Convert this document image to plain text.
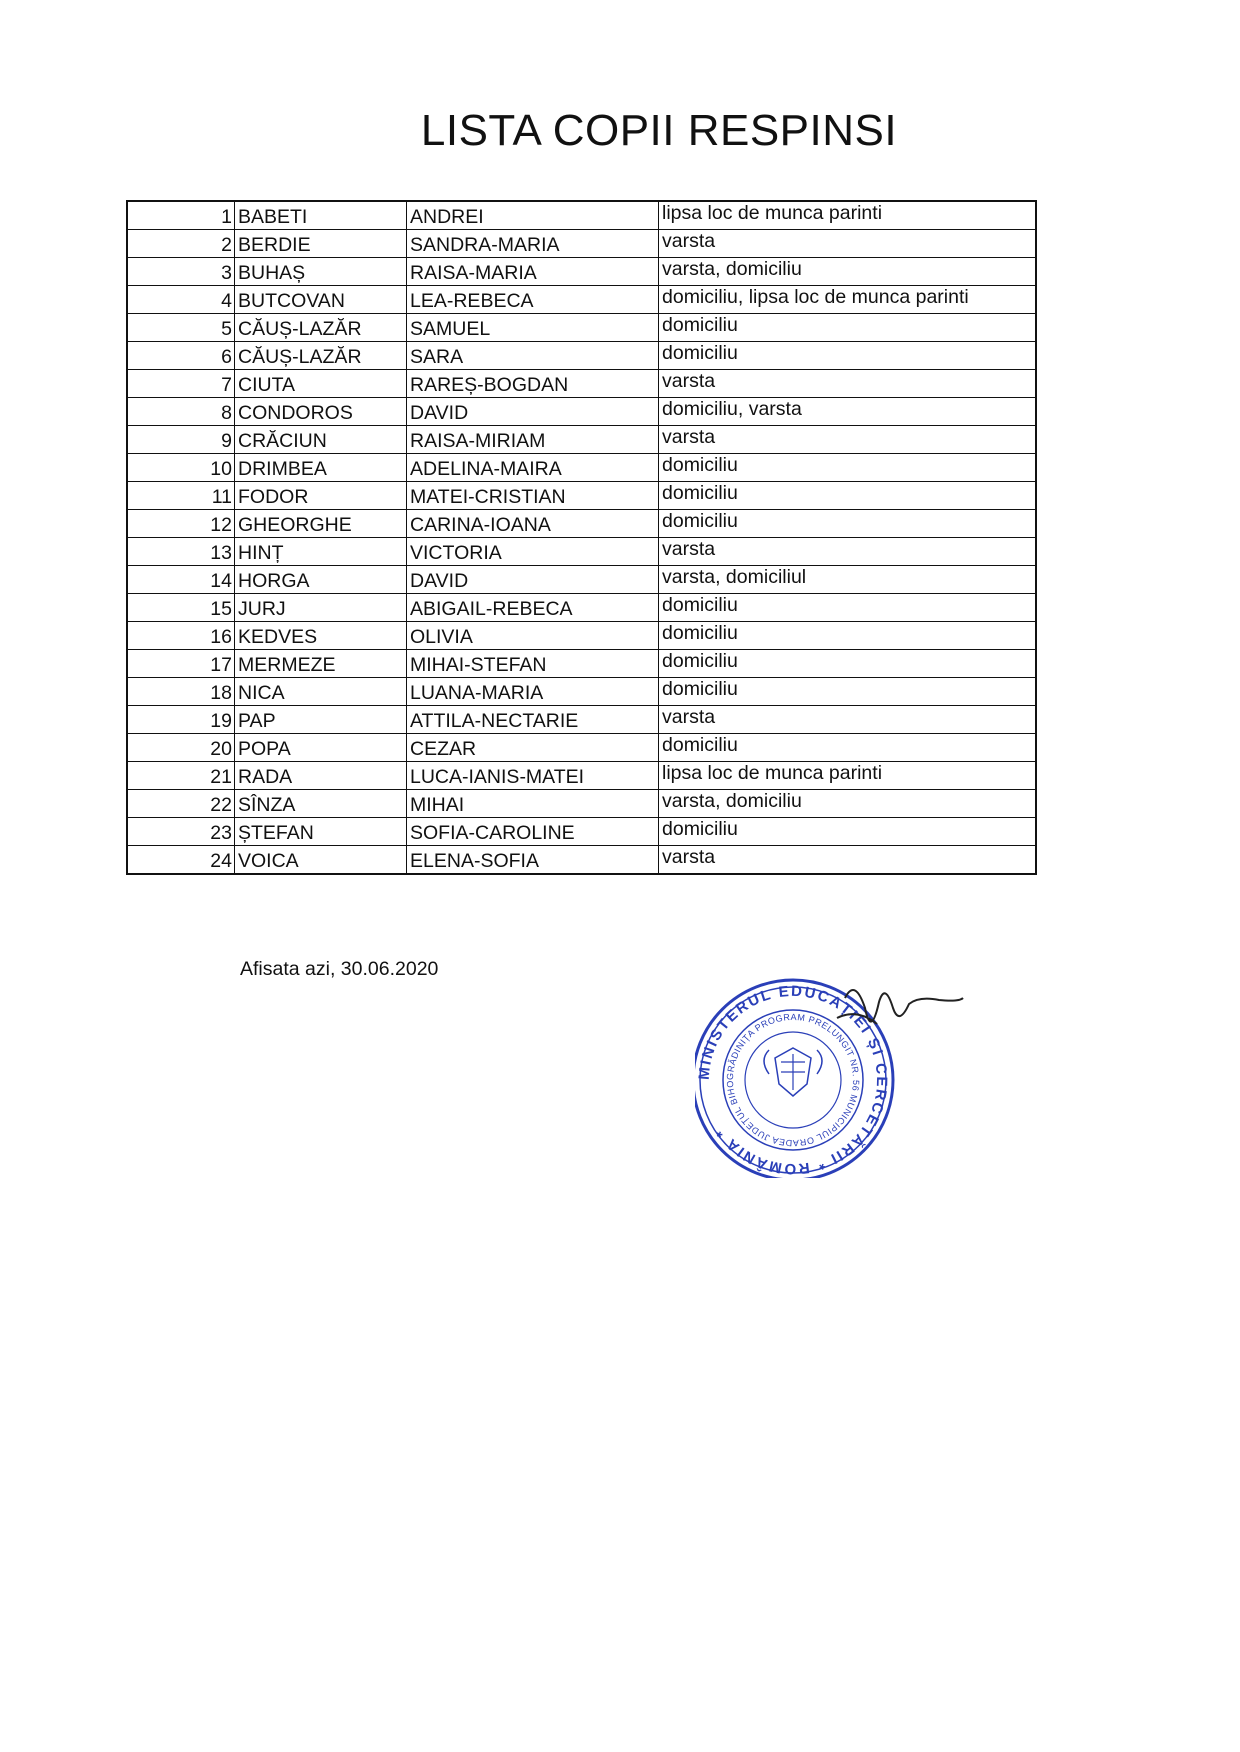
LISTA COPII RESPINSI
1	BABETI	ANDREI	lipsa loc de munca parinti
2	BERDIE	SANDRA-MARIA	varsta
3	BUHAȘ	RAISA-MARIA	varsta, domiciliu
4	BUTCOVAN	LEA-REBECA	domiciliu, lipsa loc de munca parinti
5	CĂUȘ-LAZĂR	SAMUEL	domiciliu
6	CĂUȘ-LAZĂR	SARA	domiciliu
7	CIUTA	RAREȘ-BOGDAN	varsta
8	CONDOROS	DAVID	domiciliu, varsta
9	CRĂCIUN	RAISA-MIRIAM	varsta
10	DRIMBEA	ADELINA-MAIRA	domiciliu
11	FODOR	MATEI-CRISTIAN	domiciliu
12	GHEORGHE	CARINA-IOANA	domiciliu
13	HINȚ	VICTORIA	varsta
14	HORGA	DAVID	varsta, domiciliul
15	JURJ	ABIGAIL-REBECA	domiciliu
16	KEDVES	OLIVIA	domiciliu
17	MERMEZE	MIHAI-STEFAN	domiciliu
18	NICA	LUANA-MARIA	domiciliu
19	PAP	ATTILA-NECTARIE	varsta
20	POPA	CEZAR	domiciliu
21	RADA	LUCA-IANIS-MATEI	lipsa loc de munca parinti
22	SÎNZA	MIHAI	varsta, domiciliu
23	ȘTEFAN	SOFIA-CAROLINE	domiciliu
24	VOICA	ELENA-SOFIA	varsta
Afisata azi, 30.06.2020
MINISTERUL EDUCAȚIEI ȘI CERCETĂRII * ROMÂNIA *
GRĂDINIȚA PROGRAM PRELUNGIT NR. 56 MUNICIPIUL ORADEA JUDEȚUL BIHO
